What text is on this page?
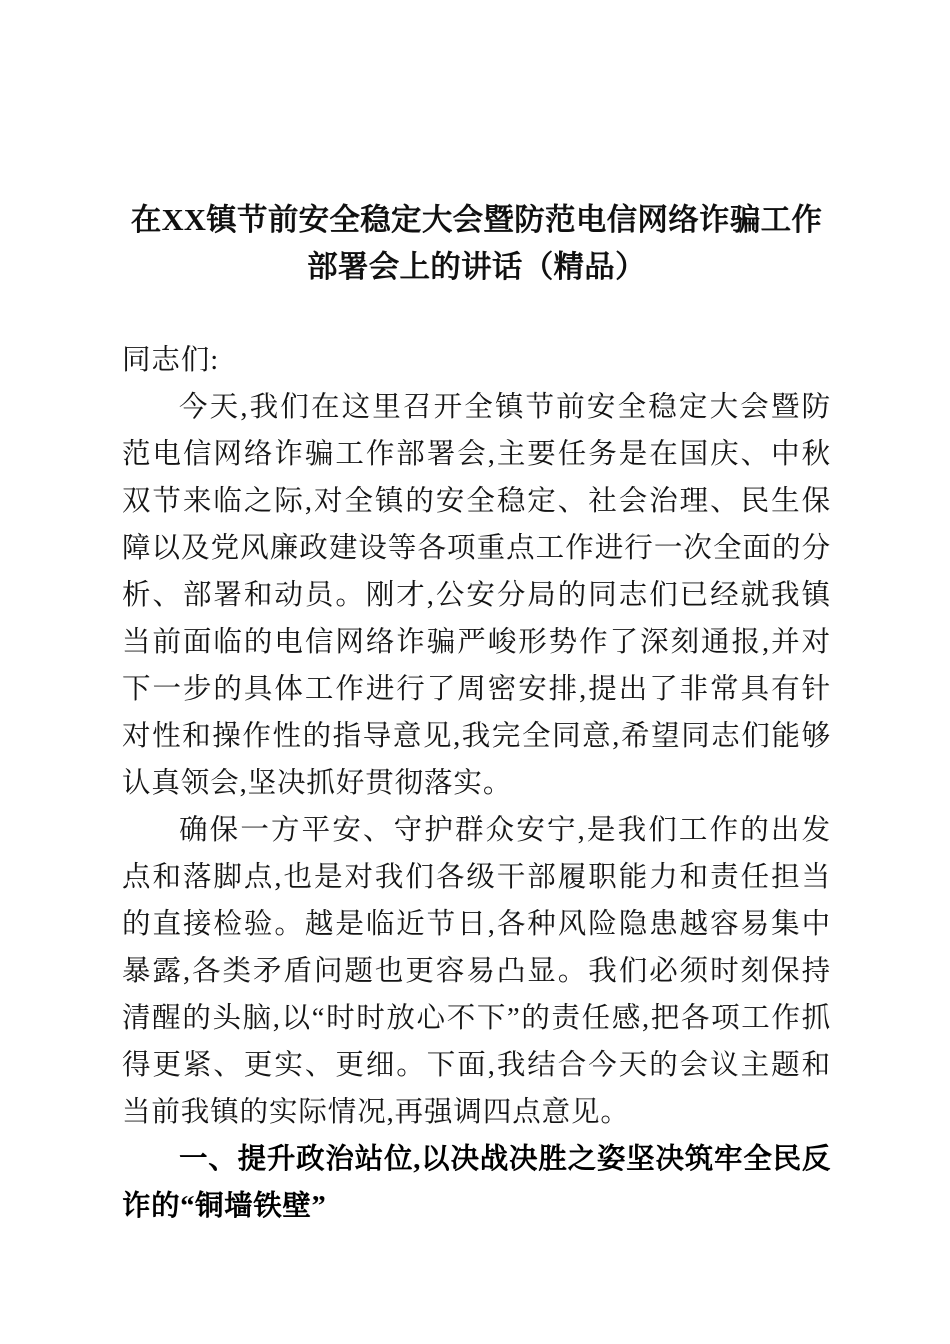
在XX镇节前安全稳定大会暨防范电信网络诈骗工作部署会上的讲话（精品）

同志们:

今天,我们在这里召开全镇节前安全稳定大会暨防范电信网络诈骗工作部署会,主要任务是在国庆、中秋双节来临之际,对全镇的安全稳定、社会治理、民生保障以及党风廉政建设等各项重点工作进行一次全面的分析、部署和动员。刚才,公安分局的同志们已经就我镇当前面临的电信网络诈骗严峻形势作了深刻通报,并对下一步的具体工作进行了周密安排,提出了非常具有针对性和操作性的指导意见,我完全同意,希望同志们能够认真领会,坚决抓好贯彻落实。

确保一方平安、守护群众安宁,是我们工作的出发点和落脚点,也是对我们各级干部履职能力和责任担当的直接检验。越是临近节日,各种风险隐患越容易集中暴露,各类矛盾问题也更容易凸显。我们必须时刻保持清醒的头脑,以“时时放心不下”的责任感,把各项工作抓得更紧、更实、更细。下面,我结合今天的会议主题和当前我镇的实际情况,再强调四点意见。

一、提升政治站位,以决战决胜之姿坚决筑牢全民反诈的“铜墙铁壁”
